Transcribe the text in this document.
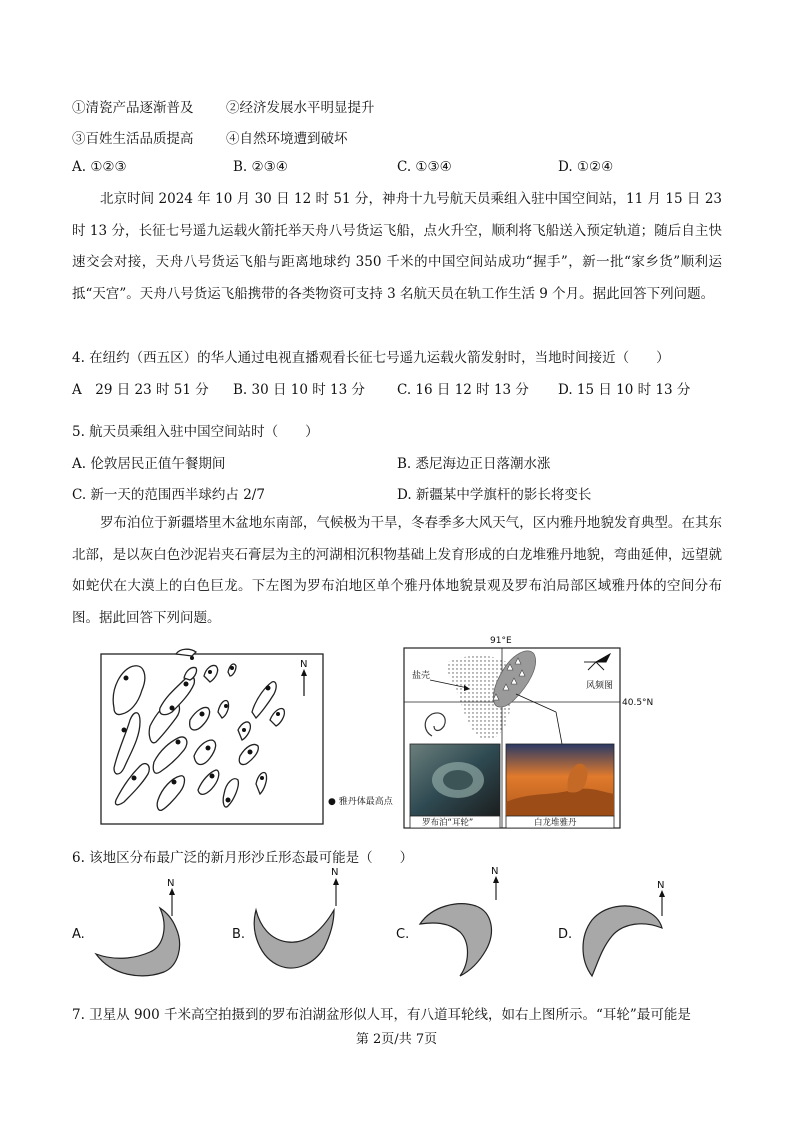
①清瓷产品逐渐普及 ②经济发展水平明显提升
③百姓生活品质提高 ④自然环境遭到破坏
A. ①②③	B. ②③④	C. ①③④	D. ①②④
北京时间 2024 年 10 月 30 日 12 时 51 分，神舟十九号航天员乘组入驻中国空间站，11 月 15 日 23 时 13 分，长征七号遥九运载火箭托举天舟八号货运飞船，点火升空，顺利将飞船送入预定轨道；随后自主快速交会对接，天舟八号货运飞船与距离地球约 350 千米的中国空间站成功“握手”，新一批“家乡货”顺利运抵“天宫”。天舟八号货运飞船携带的各类物资可支持 3 名航天员在轨工作生活 9 个月。据此回答下列问题。
4. 在纽约（西五区）的华人通过电视直播观看长征七号遥九运载火箭发射时，当地时间接近（　　）
A　29 日 23 时 51 分 B. 30 日 10 时 13 分 C. 16 日 12 时 13 分 D. 15 日 10 时 13 分
5. 航天员乘组入驻中国空间站时（　　）
A. 伦敦居民正值午餐期间	B. 悉尼海边正日落潮水涨
C. 新一天的范围西半球约占 2/7	D. 新疆某中学旗杆的影长将变长
罗布泊位于新疆塔里木盆地东南部，气候极为干旱，冬春季多大风天气，区内雅丹地貌发育典型。在其东北部，是以灰白色沙泥岩夹石膏层为主的河湖相沉积物基础上发育形成的白龙堆雅丹地貌，弯曲延伸，远望就如蛇伏在大漠上的白色巨龙。下左图为罗布泊地区单个雅丹体地貌景观及罗布泊局部区域雅丹体的空间分布图。据此回答下列问题。
N
● 雅丹体最高点
91°E
40.5°N
盐壳
风频图
罗布泊“耳轮”	白龙堆雅丹
6. 该地区分布最广泛的新月形沙丘形态最可能是（　　）
A.
N
B.
N
C.
N
D.
N
7. 卫星从 900 千米高空拍摄到的罗布泊湖盆形似人耳，有八道耳轮线，如右上图所示。“耳轮”最可能是
第 2页/共 7页
